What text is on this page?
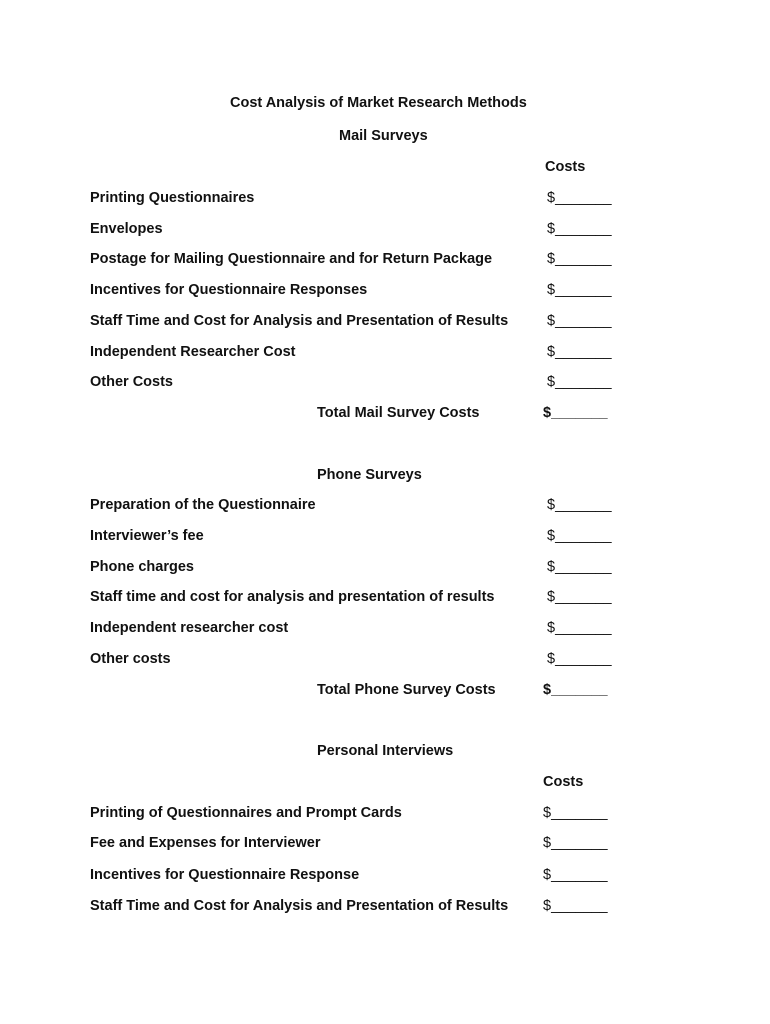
Cost Analysis of Market Research Methods
Mail Surveys
Costs
Printing Questionnaires	$_______
Envelopes	$_______
Postage for Mailing Questionnaire and for Return Package	$_______
Incentives for Questionnaire Responses	$_______
Staff Time and Cost for Analysis and Presentation of Results	$_______
Independent Researcher Cost	$_______
Other Costs	$_______
Total Mail Survey Costs	$_______
Phone Surveys
Preparation of the Questionnaire	$_______
Interviewer’s fee	$_______
Phone charges	$_______
Staff time and cost for analysis and presentation of results	$_______
Independent researcher cost	$_______
Other costs	$_______
Total Phone Survey Costs	$_______
Personal Interviews
Costs
Printing of Questionnaires and Prompt Cards	$_______
Fee and Expenses for Interviewer	$_______
Incentives for Questionnaire Response	$_______
Staff Time and Cost for Analysis and Presentation of Results $_______
